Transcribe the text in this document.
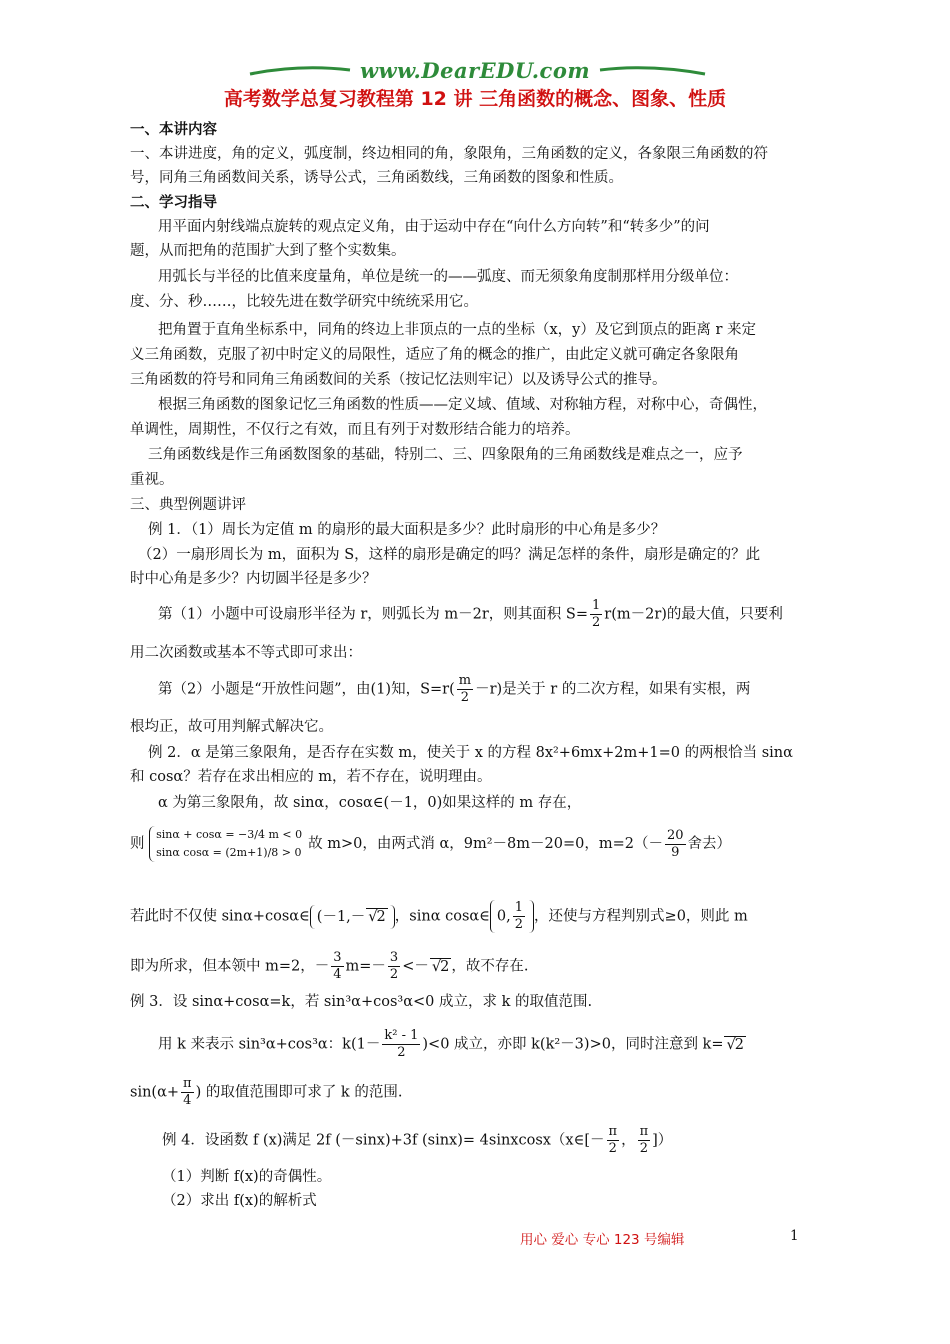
www.DearEDU.com
高考数学总复习教程第 12 讲 三角函数的概念、图象、性质
一、本讲内容
一、本讲进度，角的定义，弧度制，终边相同的角，象限角，三角函数的定义，各象限三角函数的符
号，同角三角函数间关系，诱导公式，三角函数线，三角函数的图象和性质。
二、学习指导
用平面内射线端点旋转的观点定义角，由于运动中存在“向什么方向转”和“转多少”的问
题，从而把角的范围扩大到了整个实数集。
用弧长与半径的比值来度量角，单位是统一的——弧度、而无须象角度制那样用分级单位：
度、分、秒……，比较先进在数学研究中统统采用它。
把角置于直角坐标系中，同角的终边上非顶点的一点的坐标（x，y）及它到顶点的距离 r 来定
义三角函数，克服了初中时定义的局限性，适应了角的概念的推广，由此定义就可确定各象限角
三角函数的符号和同角三角函数间的关系（按记忆法则牢记）以及诱导公式的推导。
根据三角函数的图象记忆三角函数的性质——定义域、值域、对称轴方程，对称中心，奇偶性，
单调性，周期性，不仅行之有效，而且有列于对数形结合能力的培养。
三角函数线是作三角函数图象的基础，特别二、三、四象限角的三角函数线是难点之一，应予
重视。
三、典型例题讲评
例 1．（1）周长为定值 m 的扇形的最大面积是多少？此时扇形的中心角是多少？
（2）一扇形周长为 m，面积为 S，这样的扇形是确定的吗？满足怎样的条件，扇形是确定的？此
时中心角是多少？内切圆半径是多少？
第（1）小题中可设扇形半径为 r，则弧长为 m－2r，则其面积 $S= \frac{1}{2} r(m-2r)$的最大值，只要利
用二次函数或基本不等式即可求出：
第（2）小题是“开放性问题”，由(1)知，$S=r( \frac{m}{2} -r)$是关于 r 的二次方程，如果有实根，两
根均正，故可用判解式解决它。
例 2．α 是第三象限角，是否存在实数 m，使关于 x 的方程 8x²+6mx+2m+1=0 的两根恰当 sinα
和 cosα？若存在求出相应的 m，若不存在，说明理由。
α 为第三象限角，故 sinα，cosα∈(－1，0)如果这样的 m 存在，
则
sinα + cosα = −3/4 m < 0
sinα cosα = (2m+1)/8 > 0
故 m>0，由两式消 α，9m²－8m－20=0，$m=2(- \frac{20}{9}$ 舍去）
若此时不仅使 sinα+cosα∈ (－1,－ √ 2 ，sinα cosα∈ 0, $\frac{1}{2}$ ，还使与方程判别式≥0，则此 m
即为所求，但本领中 m=2，－ $\frac{3}{4} m=- \frac{3}{2}$ <－ √ 2 ，故不存在.
例 3．设 sinα+cosα=k，若 sin³α+cos³α<0 成立，求 k 的取值范围.
用 k 来表示 sin³α+cos³α：$k(1- \frac{\text{k² - 1}}{2} )<0$ 成立，亦即 k(k²－3)>0，同时注意到 k= √ 2
$\sin(\alpha+ \frac{\pi}{4}$ ) 的取值范围即可求了 k 的范围.
例 4．设函数 f (x)满足 2f (－sinx)+3f (sinx)= 4sinxcosx（x∈[－ $\frac{\pi}{2}$ ， $\frac{\pi}{2}$ ]）
（1）判断 f(x)的奇偶性。
（2）求出 f(x)的解析式
用心 爱心 专心 123 号编辑	1
